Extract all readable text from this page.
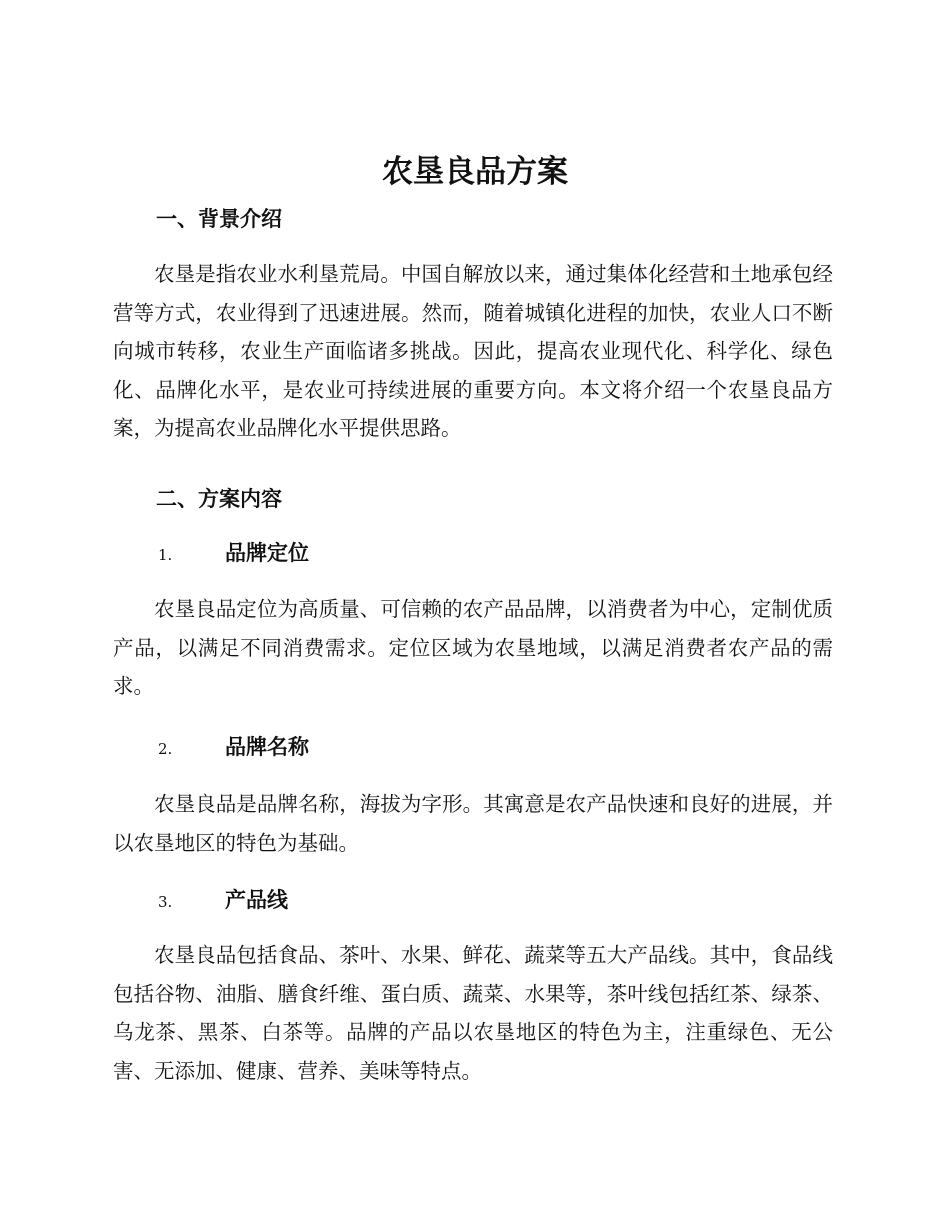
农垦良品方案
一、背景介绍

农垦是指农业水利垦荒局。中国自解放以来，通过集体化经营和土地承包经营等方式，农业得到了迅速进展。然而，随着城镇化进程的加快，农业人口不断向城市转移，农业生产面临诸多挑战。因此，提高农业现代化、科学化、绿色化、品牌化水平，是农业可持续进展的重要方向。本文将介绍一个农垦良品方案，为提高农业品牌化水平提供思路。

二、方案内容
1.	品牌定位

农垦良品定位为高质量、可信赖的农产品品牌，以消费者为中心，定制优质产品，以满足不同消费需求。定位区域为农垦地域，以满足消费者农产品的需求。

2.	品牌名称

农垦良品是品牌名称，海拔为字形。其寓意是农产品快速和良好的进展，并以农垦地区的特色为基础。

3.	产品线

农垦良品包括食品、茶叶、水果、鲜花、蔬菜等五大产品线。其中，食品线包括谷物、油脂、膳食纤维、蛋白质、蔬菜、水果等，茶叶线包括红茶、绿茶、乌龙茶、黑茶、白茶等。品牌的产品以农垦地区的特色为主，注重绿色、无公害、无添加、健康、营养、美味等特点。
